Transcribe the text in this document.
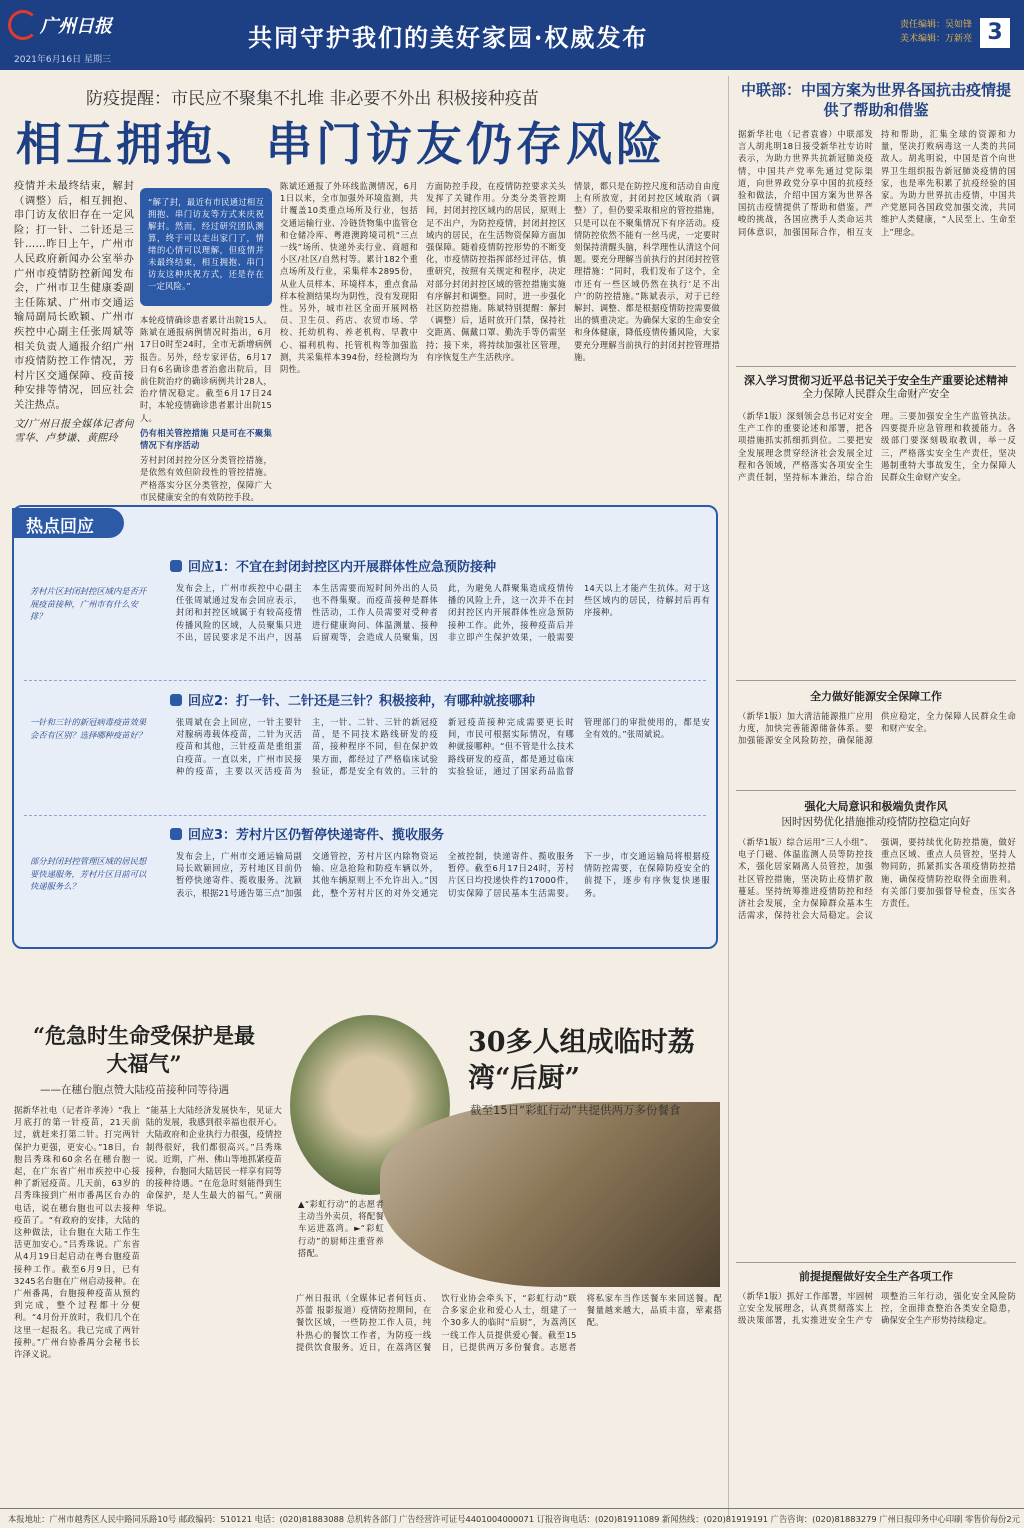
广州日报
2021年6月16日 星期三
共同守护我们的美好家园·权威发布	责任编辑：吴如锋
美术编辑：万新亮 3
防疫提醒：市民应不聚集不扎堆 非必要不外出 积极接种疫苗
相互拥抱、串门访友仍存风险

疫情并未最终结束，解封（调整）后，相互拥抱、串门访友依旧存在一定风险；打一针、二针还是三针……昨日上午，广州市人民政府新闻办公室举办广州市疫情防控新闻发布会，广州市卫生健康委副主任陈斌、广州市交通运输局副局长欧颖、广州市疾控中心副主任张周斌等相关负责人通报介绍广州市疫情防控工作情况，芳村片区交通保障、疫苗接种安排等情况，回应社会关注热点。

文/广州日报全媒体记者何雪华、卢梦谦、黄熙玲

“解了封，最近有市民通过相互拥抱、串门访友等方式来庆祝解封。然而，经过研究团队测算，终于可以走出家门了，情绪的心情可以理解，但疫情并未最终结束，相互拥抱、串门访友这种庆祝方式，还是存在一定风险。”

本轮疫情确诊患者累计出院15人。陈斌在通报病例情况时指出，6月17日0时至24时，全市无新增病例报告。另外，经专家评估，6月17日有6名确诊患者治愈出院后，目前住院治疗的确诊病例共计28人，治疗情况稳定。截至6月17日24时，本轮疫情确诊患者累计出院15人。

仍有相关管控措施 只是可在不聚集情况下有序活动

芳村封闭封控分区分类管控措施，是依然有效但阶段性的管控措施。严格落实分区分类管控，保障广大市民健康安全的有效防控手段。

陈斌还通报了外环线监测情况，6月1日以来，全市加强外环境监测，共计覆盖10类重点场所及行业，包括交通运输行业、冷链货物集中监管仓和仓储冷库、粤港澳跨境司机“三点一线”场所、快递外卖行业、商超和小区/社区/自然村等。累计182个重点场所及行业，采集样本2895份，从业人员样本、环境样本，重点食品样本检测结果均为阴性，没有发现阳性。另外，城市社区全面开展网格员、卫生员、药店、农贸市场、学校、托幼机构、养老机构、早教中心、福利机构、托管机构等加强监测，共采集样本394份，经检测均为阴性。

方面防控手段，在疫情防控要求关头发挥了关键作用。分类分类管控期间，封闭封控区域内的居民，原则上足不出户，为防控疫情，封闭封控区域内的居民，在生活物资保障方面加强保障。随着疫情防控形势的不断变化，市疫情防控指挥部经过评估，慎重研究，按照有关规定和程序，决定对部分封闭封控区域的管控措施实施有序解封和调整。同时，进一步强化社区防控措施。陈斌特别提醒：解封（调整）后，适时放开门禁，保持社交距离、佩戴口罩、勤洗手等仍需坚持；接下来，将持续加强社区管理，有序恢复生产生活秩序。

情景，都只是在防控尺度和活动自由度上有所放宽，封闭封控区域取消（调整）了，但仍要采取相应的管控措施，只是可以在不聚集情况下有序活动。疫情防控依然不能有一丝马虎，一定要时刻保持清醒头脑，科学理性认清这个问题。要充分理解当前执行的封闭封控管理措施：“同时，我们发布了这个，全市还有一些区域仍然在执行‘足不出户’的防控措施。”陈斌表示，对于已经解封、调整、都是根据疫情防控需要做出的慎重决定。为确保大家的生命安全和身体健康，降低疫情传播风险，大家要充分理解当前执行的封闭封控管理措施。

热点回应
回应1：不宜在封闭封控区内开展群体性应急预防接种
芳村片区封闭封控区域内是否开展疫苗接种，广州市有什么安排？

发布会上，广州市疾控中心副主任张周斌通过发布会回应表示，封闭和封控区域属于有较高疫情传播风险的区域，人员聚集只进不出，居民要求足不出户，因基本生活需要而短时间外出的人员也不得集聚。而疫苗接种是群体性活动，工作人员需要对受种者进行健康询问、体温测量、接种后留观等，会造成人员聚集，因此，为避免人群聚集造成疫情传播的风险上升，这一次并不在封闭封控区内开展群体性应急预防接种工作。此外，接种疫苗后并非立即产生保护效果，一般需要14天以上才能产生抗体。对于这些区域内的居民，待解封后再有序接种。

回应2：打一针、二针还是三针？积极接种，有哪种就接哪种
一针和三针的新冠病毒疫苗效果会否有区别？选择哪种疫苗好？

张周斌在会上回应，一针主要针对腺病毒载体疫苗，二针为灭活疫苗和其他，三针疫苗是重组蛋白疫苗。一直以来，广州市民接种的疫苗，主要以灭活疫苗为主，一针、二针、三针的新冠疫苗，是不同技术路线研发的疫苗，接种程序不同，但在保护效果方面，都经过了严格临床试验验证，都是安全有效的。三针的新冠疫苗接种完成需要更长时间，市民可根据实际情况，有哪种就接哪种。“但不管是什么技术路线研发的疫苗，都是通过临床实验验证，通过了国家药品监督管理部门的审批使用的，都是安全有效的。”张周斌说。

回应3：芳村片区仍暂停快递寄件、揽收服务
部分封闭封控管理区域的居民想要快递服务，芳村片区目前可以快递服务么？

发布会上，广州市交通运输局副局长欧颖回应，芳村地区目前仍暂停快递寄件、揽收服务。沈颖表示，根据21号通告第三点“加强交通管控，芳村片区内除物资运输、应急抢险和防疫车辆以外，其他车辆原则上不允许出入。”因此，整个芳村片区的对外交通完全被控制，快递寄件、揽收服务暂停。截至6月17日24时，芳村片区日均投递快件约17000件，切实保障了居民基本生活需要。下一步，市交通运输局将根据疫情防控需要，在保障防疫安全的前提下，逐步有序恢复快递服务。

“危急时生命受保护是最大福气”
——在穗台胞点赞大陆疫苗接种同等待遇

据新华社电（记者许孝涛）“我上月底打的第一针疫苗，21天前过，就赶来打第二针。打完两针保护力更强，更安心。”18日，台胞吕秀珠和60余名在穗台胞一起，在广东省广州市疾控中心接种了新冠疫苗。几天前，63岁的吕秀珠接到广州市番禺区台办的电话，说在穗台胞也可以去接种疫苗了。“有政府的安排，大陆的这种做法，让台胞在大陆工作生活更加安心。”吕秀珠说。广东省从4月19日起启动在粤台胞疫苗接种工作。截至6月9日，已有3245名台胞在广州启动接种。在广州番禺，台胞接种疫苗从预约到完成，整个过程都十分便利。“4月份开放时，我们几个在这里一起报名。我已完成了两针接种。”广州台协番禺分会秘书长许泽义说。

“能基上大陆经济发展快车，见证大陆的发展，我感到很幸福也很开心。大陆政府和企业执行力很强，疫情控制得很好，我们都很高兴。”吕秀珠说。近期，广州、佛山等地抓紧疫苗接种，台胞同大陆居民一样享有同等的接种待遇。“在危急时刻能得到生命保护，是人生最大的福气。”黄丽华说。

30多人组成临时荔湾“后厨”
截至15日“彩虹行动”共提供两万多份餐食
▲“彩虹行动”的志愿者主动当外卖员，将配餐车运进荔湾。►“彩虹行动”的厨师注重营养搭配。

广州日报讯（全媒体记者何钰贞、苏蕾 报影报道）疫情防控期间，在餐饮区域，一些防控工作人员，纯朴热心的餐饮工作者，为防疫一线提供饮食服务。近日，在荔湾区餐饮行业协会牵头下，“彩虹行动”联合多家企业和爱心人士，组建了一个30多人的临时“后厨”，为荔湾区一线工作人员提供爱心餐。截至15日，已提供两万多份餐食。志愿者将私家车当作送餐车来回送餐。配餐量越来越大，品质丰富，荤素搭配。

中联部：中国方案为世界各国抗击疫情提供了帮助和借鉴

据新华社电（记者袁睿）中联部发言人胡兆明18日接受新华社专访时表示，为助力世界共抗新冠肺炎疫情，中国共产党率先通过党际渠道，向世界政党分享中国的抗疫经验和做法，介绍中国方案为世界各国抗击疫情提供了帮助和借鉴。严峻的挑战，各国应携手人类命运共同体意识，加强国际合作，相互支持和帮助，汇集全球的资源和力量，坚决打败病毒这一人类的共同敌人。胡兆明说，中国是首个向世界卫生组织报告新冠肺炎疫情的国家，也是率先积累了抗疫经验的国家。为助力世界抗击疫情，中国共产党愿同各国政党加强交流，共同维护人类健康，“人民至上、生命至上”理念。

深入学习贯彻习近平总书记关于安全生产重要论述精神
全力保障人民群众生命财产安全

（新华1版）深刻领会总书记对安全生产工作的重要论述和部署，把各项措施抓实抓细抓到位。二要把安全发展理念贯穿经济社会发展全过程和各领域，严格落实各项安全生产责任制，坚持标本兼治，综合治理。三要加强安全生产监管执法。四要提升应急管理和救援能力。各级部门要深刻吸取教训，举一反三，严格落实安全生产责任，坚决遏制重特大事故发生，全力保障人民群众生命财产安全。

全力做好能源安全保障工作

（新华1版）加大清洁能源推广应用力度，加快完善能源储备体系。要加强能源安全风险防控，确保能源供应稳定，全力保障人民群众生命和财产安全。

强化大局意识和极端负责作风
因时因势优化措施推动疫情防控稳定向好

（新华1版）综合运用“三人小组”、电子门磁、体温监测人员等防控技术，强化居家隔离人员管控，加强社区管控措施，坚决防止疫情扩散蔓延。坚持统筹推进疫情防控和经济社会发展，全力保障群众基本生活需求，保持社会大局稳定。会议强调，要持续优化防控措施，做好重点区域、重点人员管控，坚持人物同防，抓紧抓实各项疫情防控措施，确保疫情防控取得全面胜利。有关部门要加强督导检查，压实各方责任。

前提提醒做好安全生产各项工作

（新华1版）抓好工作部署，牢固树立安全发展理念，认真贯彻落实上级决策部署，扎实推进安全生产专项整治三年行动，强化安全风险防控，全面排查整治各类安全隐患，确保安全生产形势持续稳定。

本报地址：广州市越秀区人民中路同乐路10号 邮政编码：510121 电话：(020)81883088 总机转各部门 广告经营许可证号4401004000071 订报咨询电话：(020)81911089 新闻热线：(020)81919191 广告咨询：(020)81883279 广州日报印务中心印刷 零售价每份2元
